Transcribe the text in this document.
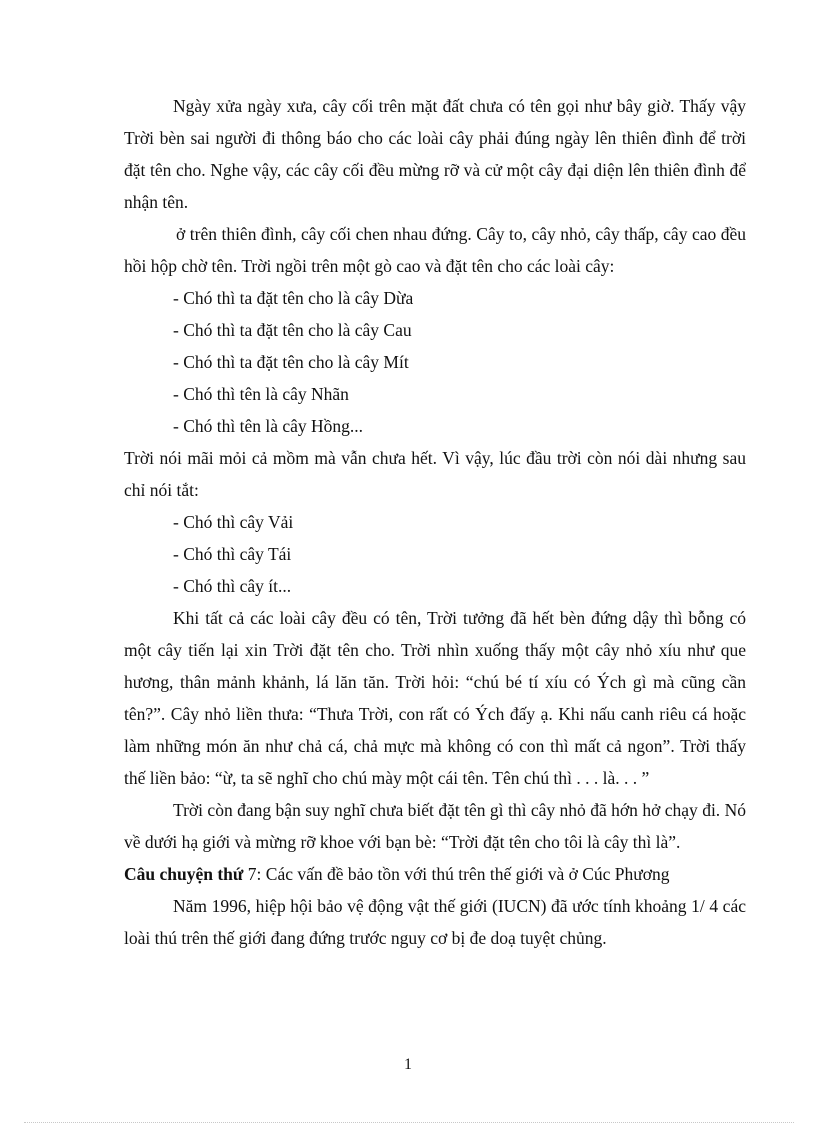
Ngày xửa ngày xưa, cây cối trên mặt đất chưa có tên gọi như bây giờ. Thấy vậy Trời bèn sai người đi thông báo cho các loài cây phải đúng ngày lên thiên đình để trời đặt tên cho. Nghe vậy, các cây cối đều mừng rỡ và cử một cây đại diện lên thiên đình để nhận tên.

ở trên thiên đình, cây cối chen nhau đứng. Cây to, cây nhỏ, cây thấp, cây cao đều hồi hộp chờ tên. Trời ngồi trên một gò cao và đặt tên cho các loài cây:

- Chó thì ta đặt tên cho là cây Dừa

- Chó thì ta đặt tên cho là cây Cau

- Chó thì ta đặt tên cho là cây Mít

- Chó thì tên là cây Nhãn

- Chó thì tên là cây Hồng...

Trời nói mãi mỏi cả mồm mà vẫn chưa hết. Vì vậy, lúc đầu trời còn nói dài nhưng sau chỉ nói tắt:

- Chó thì cây Vải

- Chó thì cây Tái

- Chó thì cây ít...

Khi tất cả các loài cây đều có tên, Trời tưởng đã hết bèn đứng dậy thì bỗng có một cây tiến lại xin Trời đặt tên cho. Trời nhìn xuống thấy một cây nhỏ xíu như que hương, thân mảnh khảnh, lá lăn tăn. Trời hỏi: “chú bé tí xíu có Ých gì mà cũng cần tên?”. Cây nhỏ liền thưa: “Thưa Trời, con rất có Ých đấy ạ. Khi nấu canh riêu cá hoặc làm những món ăn như chả cá, chả mực mà không có con thì mất cả ngon”. Trời thấy thế liền bảo: “ừ, ta sẽ nghĩ cho chú mày một cái tên. Tên chú thì . . . là. . . ”

Trời còn đang bận suy nghĩ chưa biết đặt tên gì thì cây nhỏ đã hớn hở chạy đi. Nó về dưới hạ giới và mừng rỡ khoe với bạn bè: “Trời đặt tên cho tôi là cây thì là”.

Câu chuyện thứ 7: Các vấn đề bảo tồn với thú trên thế giới và ở Cúc Phương

Năm 1996, hiệp hội bảo vệ động vật thế giới (IUCN) đã ước tính khoảng 1/ 4 các loài thú trên thế giới đang đứng trước nguy cơ bị đe doạ tuyệt chủng.

1
